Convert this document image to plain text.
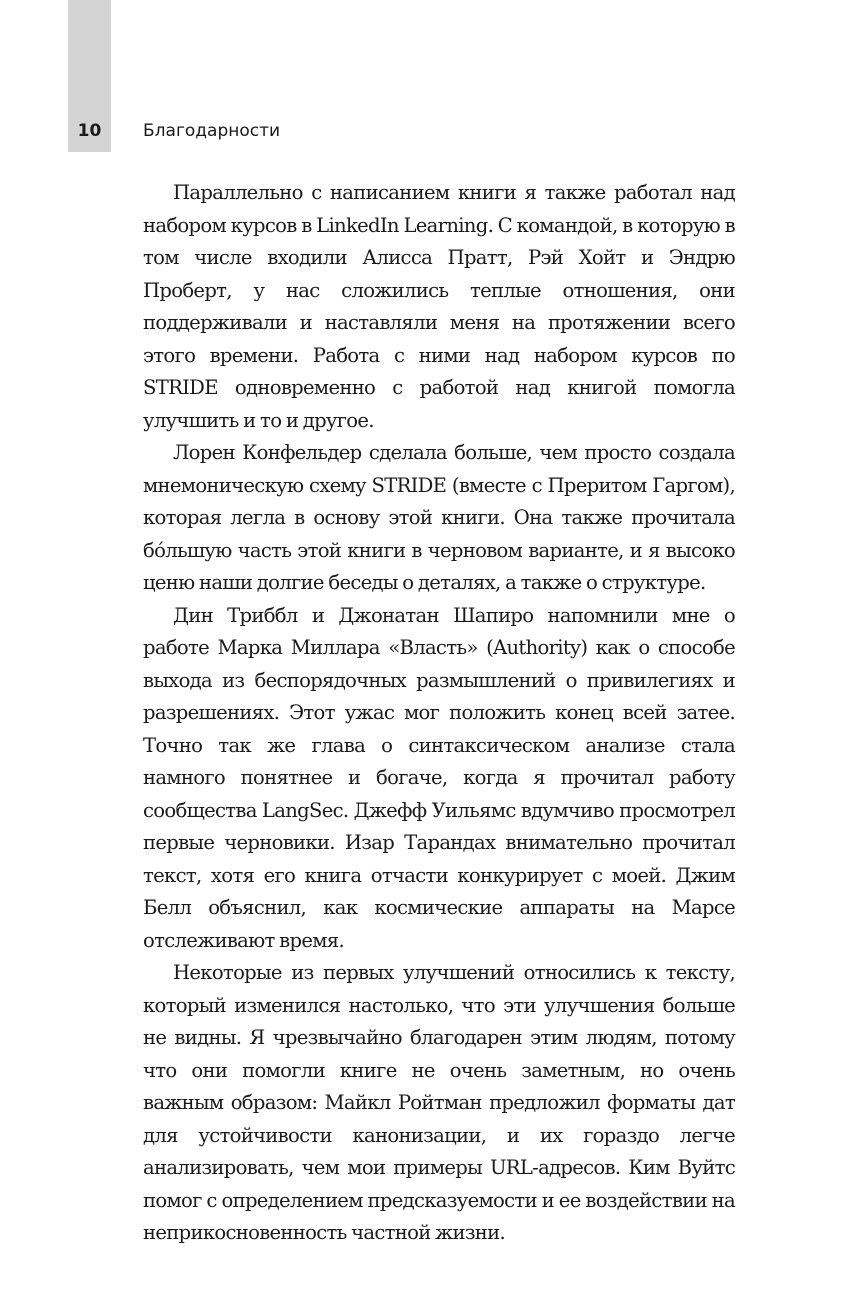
10	Благодарности

Параллельно с написанием книги я также работал над набором курсов в LinkedIn Learning. С командой, в которую в том числе входили Алисса Пратт, Рэй Хойт и Эндрю Проберт, у нас сложились теплые отношения, они поддерживали и наставляли меня на протяжении всего этого времени. Работа с ними над набором курсов по STRIDE одновременно с работой над книгой помогла улучшить и то и другое.

Лорен Конфельдер сделала больше, чем просто создала мнемоническую схему STRIDE (вместе с Преритом Гаргом), которая легла в основу этой книги. Она также прочитала бо́льшую часть этой книги в черновом варианте, и я высоко ценю наши долгие беседы о деталях, а также о структуре.

Дин Триббл и Джонатан Шапиро напомнили мне о работе Марка Миллара «Власть» (Authority) как о способе выхода из беспорядочных размышлений о привилегиях и разрешениях. Этот ужас мог положить конец всей затее. Точно так же глава о синтаксическом анализе стала намного понятнее и богаче, когда я прочитал работу сообщества LangSec. Джефф Уильямс вдумчиво просмотрел первые черновики. Изар Тарандах внимательно прочитал текст, хотя его книга отчасти конкурирует с моей. Джим Белл объяснил, как космические аппараты на Марсе отслеживают время.

Некоторые из первых улучшений относились к тексту, который изменился настолько, что эти улучшения больше не видны. Я чрезвычайно благодарен этим людям, потому что они помогли книге не очень заметным, но очень важным образом: Майкл Ройтман предложил форматы дат для устойчивости канонизации, и их гораздо легче анализировать, чем мои примеры URL-адресов. Ким Вуйтс помог с определением предсказуемости и ее воздействии на неприкосновенность частной жизни.
